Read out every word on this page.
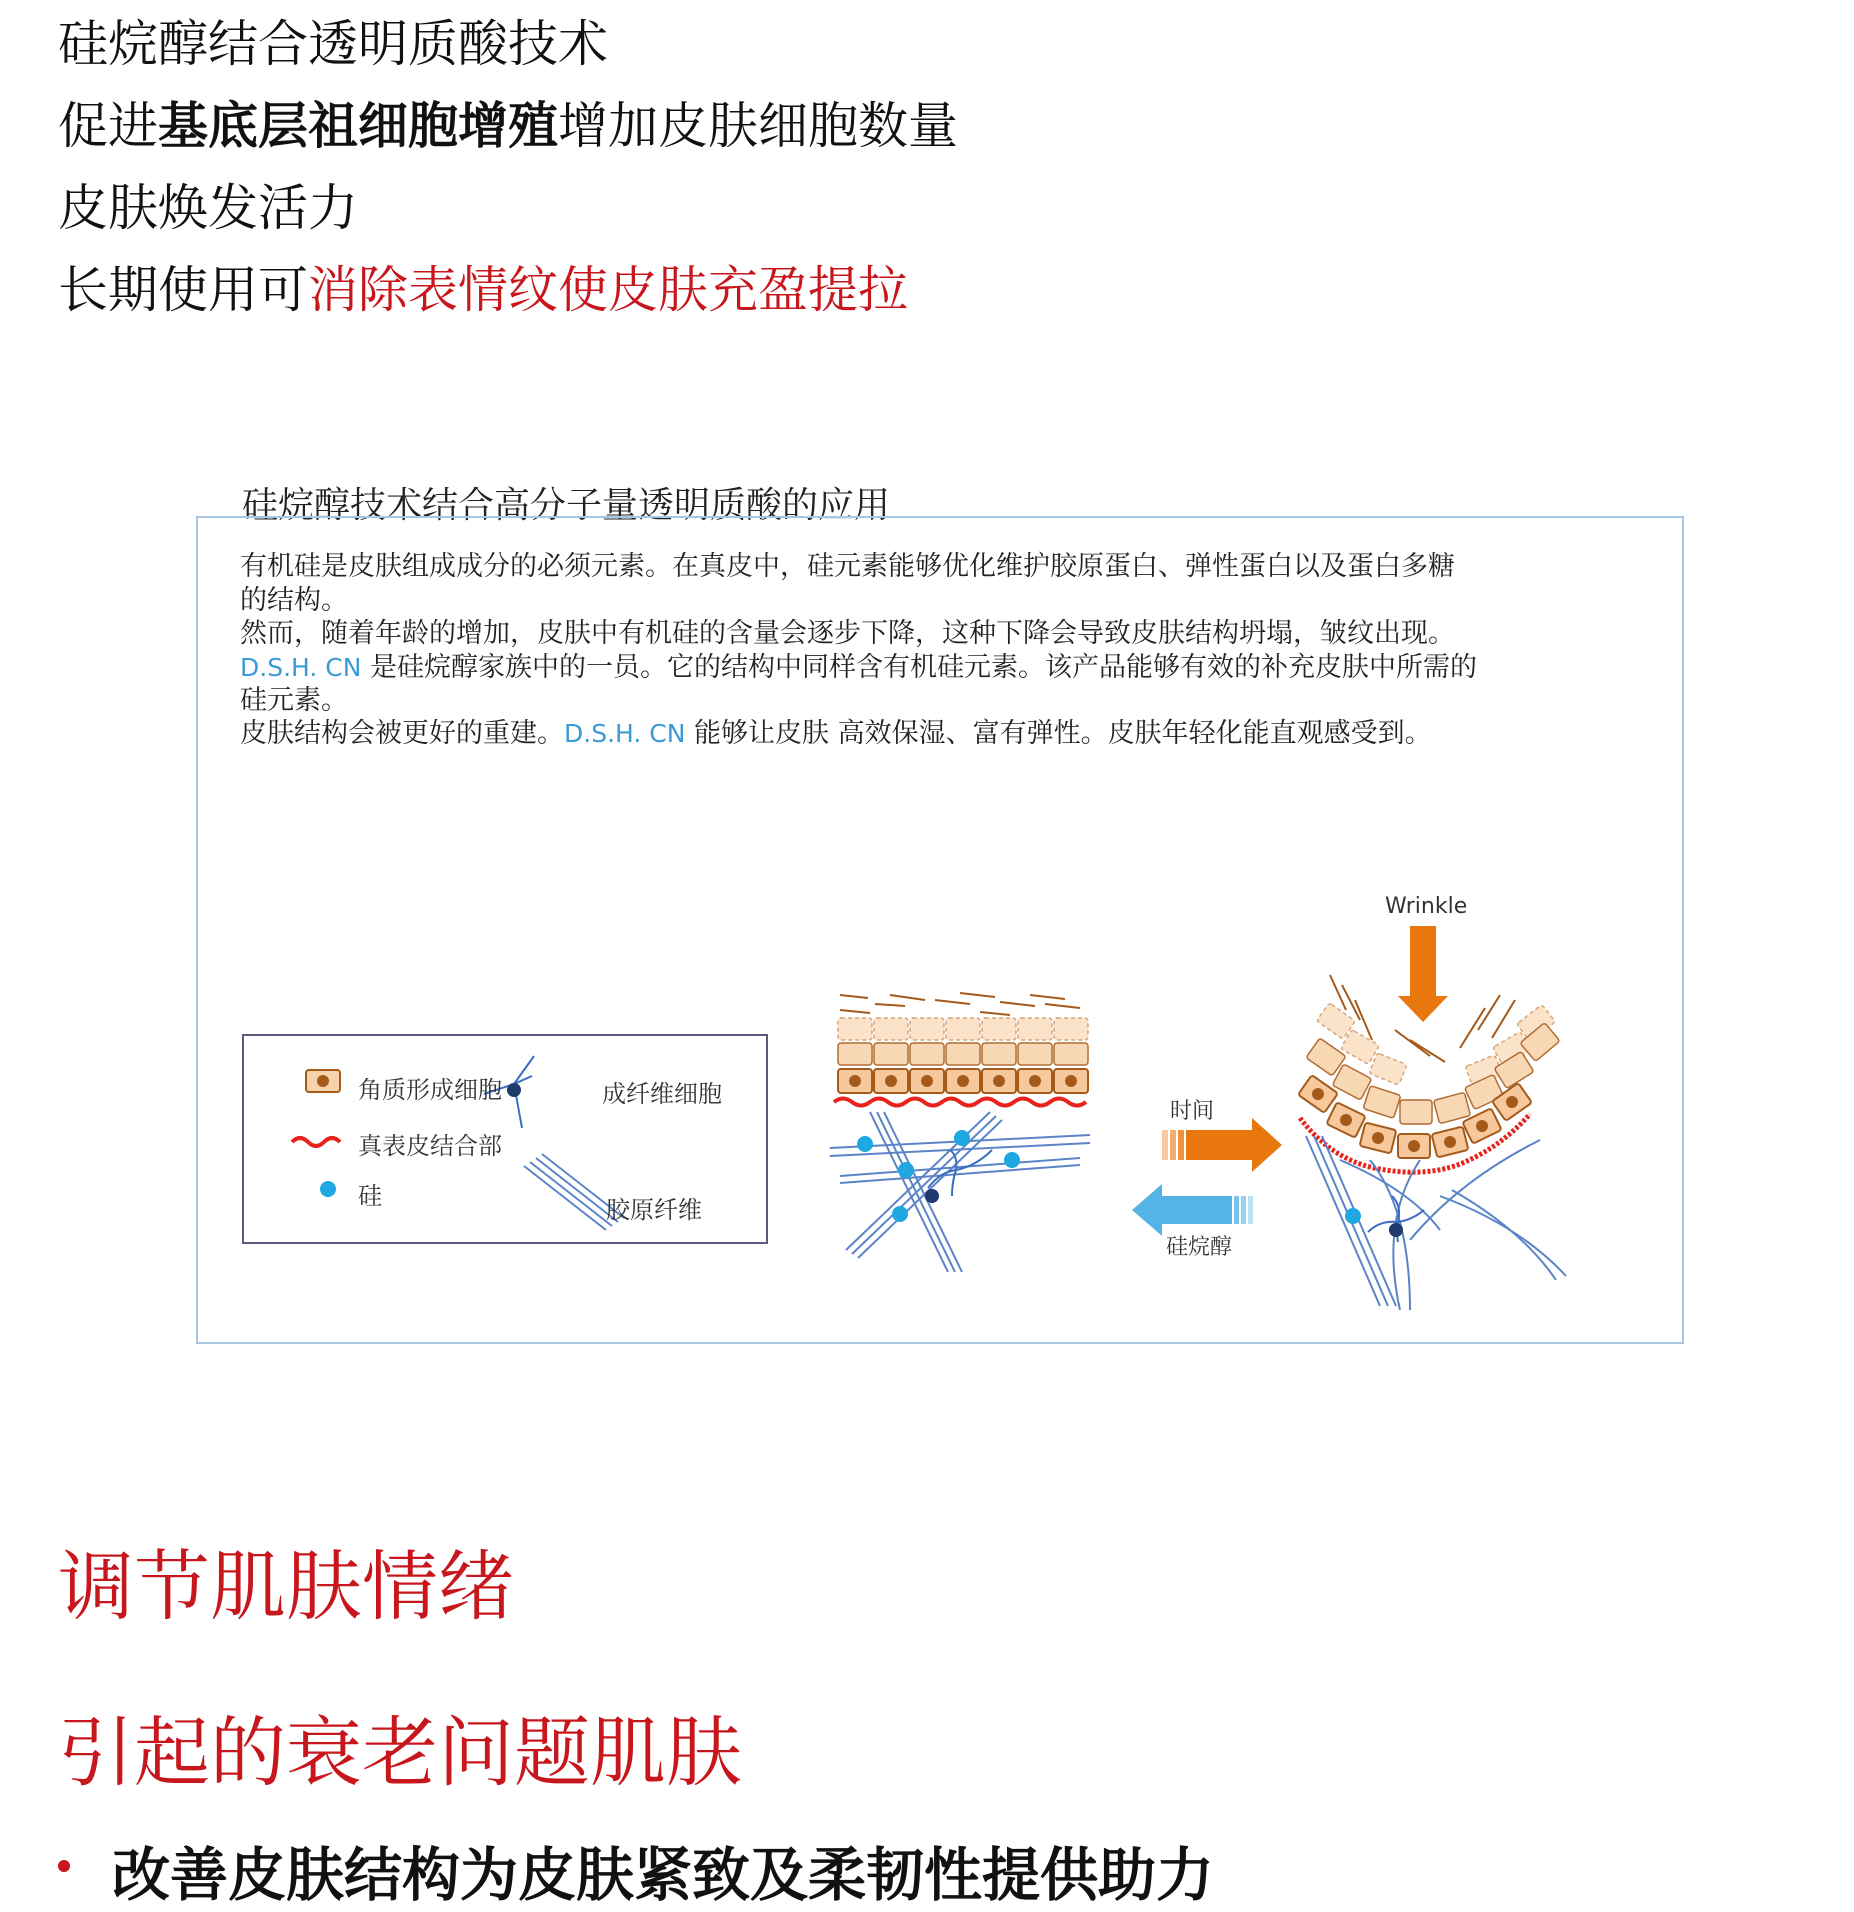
硅烷醇结合透明质酸技术
促进基底层祖细胞增殖增加皮肤细胞数量
皮肤焕发活力
长期使用可消除表情纹使皮肤充盈提拉
硅烷醇技术结合高分子量透明质酸的应用
有机硅是皮肤组成成分的必须元素。在真皮中，硅元素能够优化维护胶原蛋白、弹性蛋白以及蛋白多糖
的结构。
然而，随着年龄的增加，皮肤中有机硅的含量会逐步下降，这种下降会导致皮肤结构坍塌，皱纹出现。
D.S.H. CN 是硅烷醇家族中的一员。它的结构中同样含有机硅元素。该产品能够有效的补充皮肤中所需的
硅元素。
皮肤结构会被更好的重建。D.S.H. CN 能够让皮肤 高效保湿、富有弹性。皮肤年轻化能直观感受到。
角质形成细胞	成纤维细胞
真表皮结合部
硅	胶原纤维
时间
硅烷醇
Wrinkle
调节肌肤情绪
引起的衰老问题肌肤
改善皮肤结构为皮肤紧致及柔韧性提供助力
